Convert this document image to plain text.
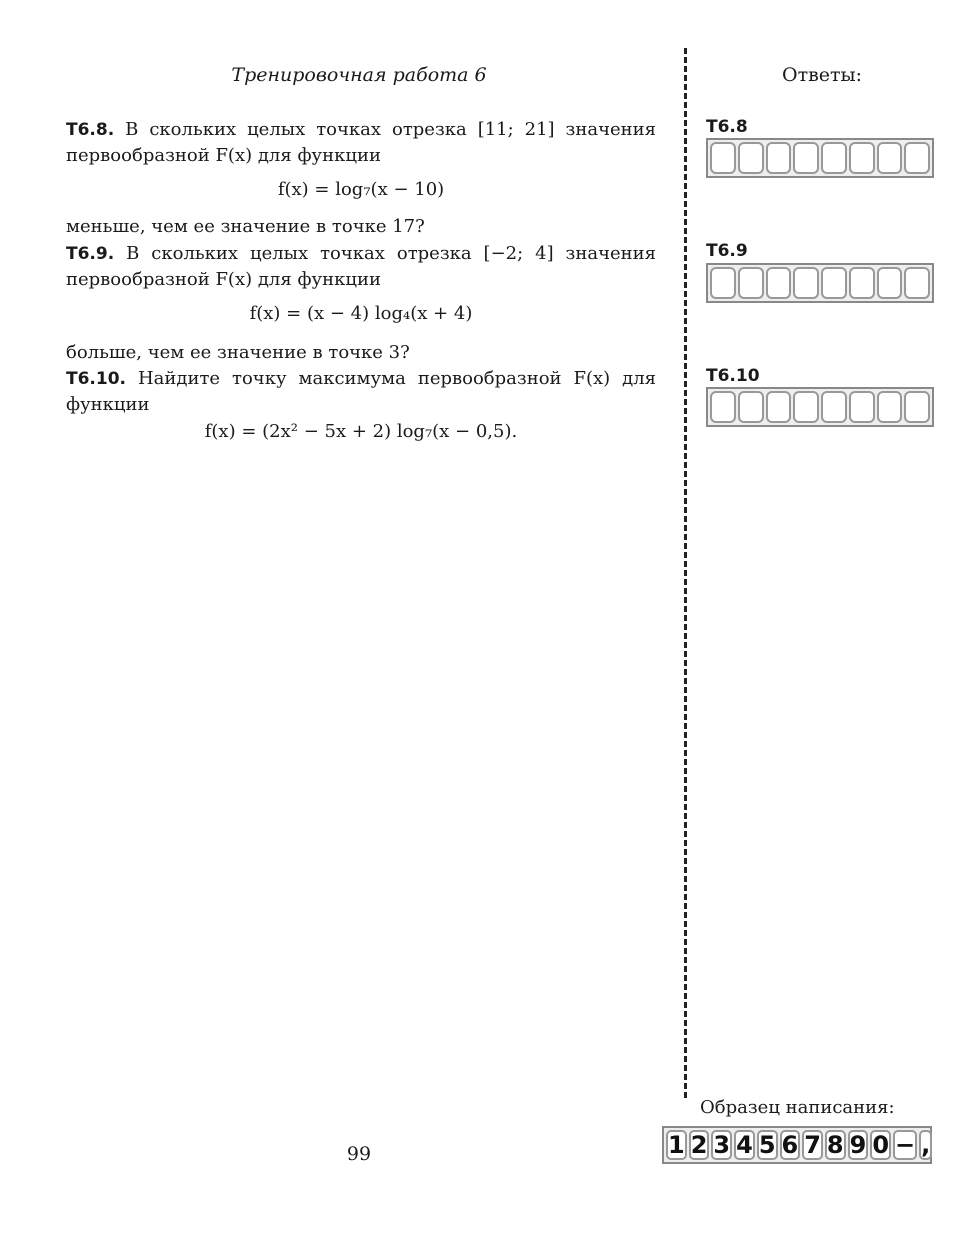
Тренировочная работа 6	Ответы:
Т6.8. В скольких целых точках отрезка [11; 21] значения первообразной F(x) для функции
f(x) = log₇(x − 10)
меньше, чем ее значение в точке 17?
Т6.9. В скольких целых точках отрезка [−2; 4] значения первообразной F(x) для функции
f(x) = (x − 4) log₄(x + 4)
больше, чем ее значение в точке 3?
Т6.10. Найдите точку максимума первообразной F(x) для функции
f(x) = (2x² − 5x + 2) log₇(x − 0,5).
Т6.8
Т6.9
Т6.10
Образец написания:
1 2 3 4 5 6 7 8 9 0 − ,
99
